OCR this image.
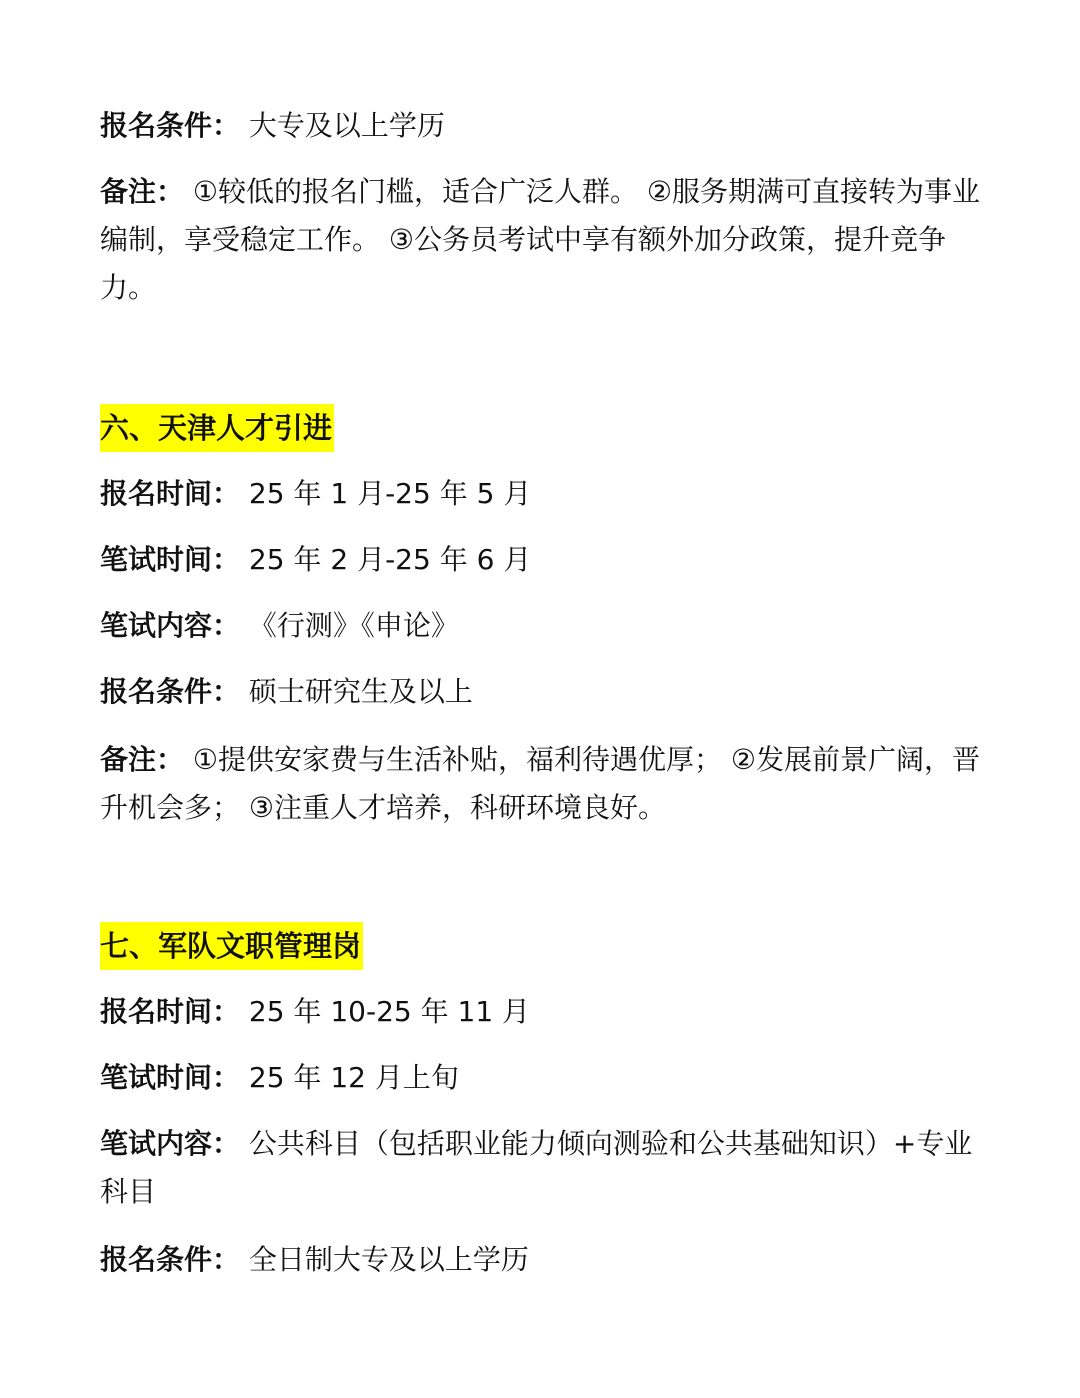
报名条件： 大专及以上学历
备注： ①较低的报名门槛，适合广泛人群。 ②服务期满可直接转为事业编制，享受稳定工作。 ③公务员考试中享有额外加分政策，提升竞争力。
六、天津人才引进
报名时间： 25 年 1 月-25 年 5 月
笔试时间： 25 年 2 月-25 年 6 月
笔试内容： 《行测》《申论》
报名条件： 硕士研究生及以上
备注： ①提供安家费与生活补贴，福利待遇优厚； ②发展前景广阔，晋升机会多； ③注重人才培养，科研环境良好。
七、军队文职管理岗
报名时间： 25 年 10-25 年 11 月
笔试时间： 25 年 12 月上旬
笔试内容： 公共科目（包括职业能力倾向测验和公共基础知识）+专业科目
报名条件： 全日制大专及以上学历
